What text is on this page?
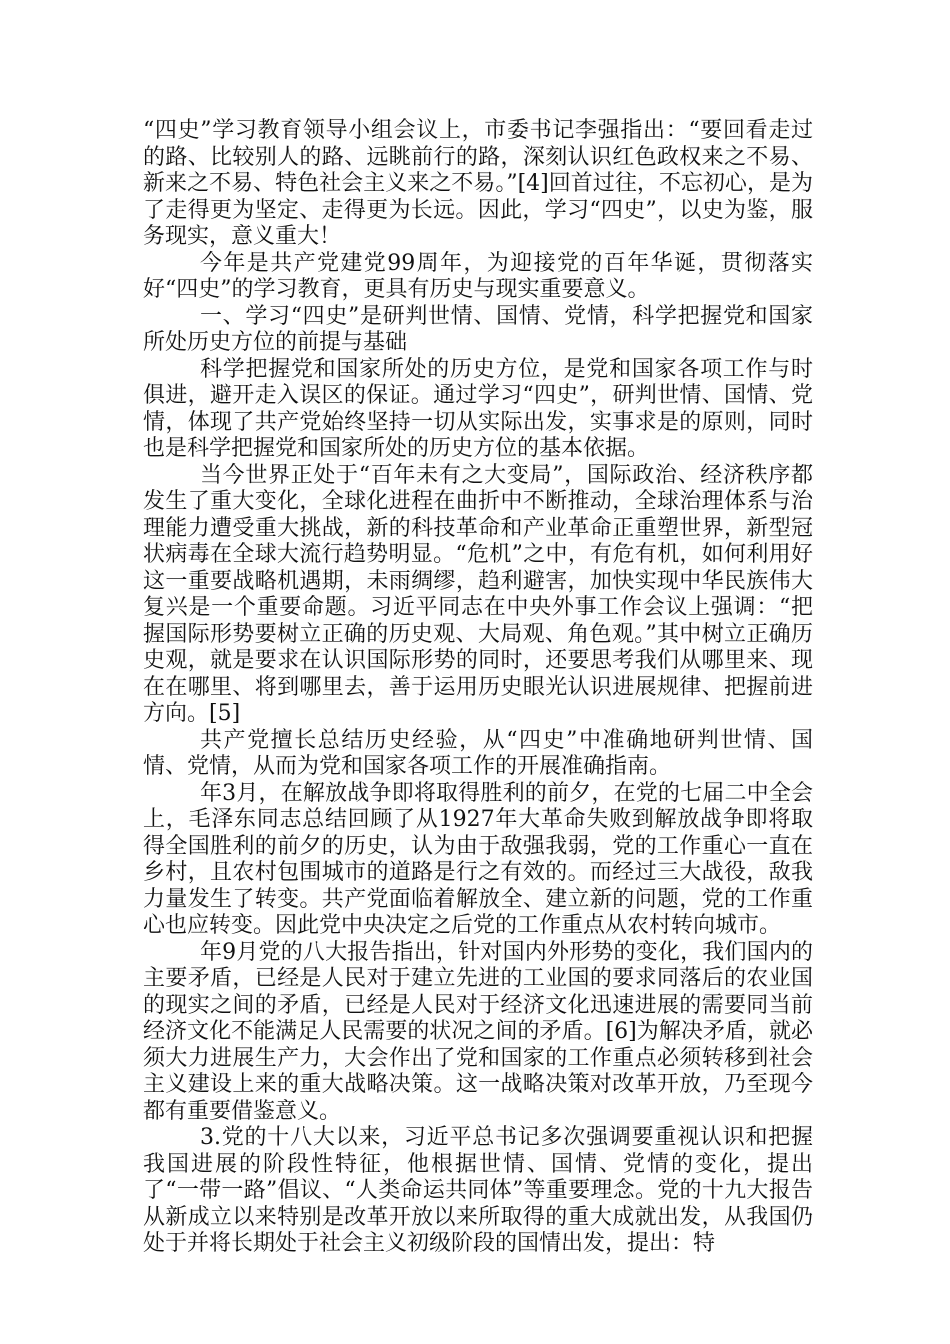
“四史”学习教育领导小组会议上，市委书记李强指出：“要回看走过的路、比较别人的路、远眺前行的路，深刻认识红色政权来之不易、新来之不易、特色社会主义来之不易。”[4]回首过往，不忘初心，是为了走得更为坚定、走得更为长远。因此，学习“四史”，以史为鉴，服务现实，意义重大！

今年是共产党建党99周年，为迎接党的百年华诞，贯彻落实好“四史”的学习教育，更具有历史与现实重要意义。

一、学习“四史”是研判世情、国情、党情，科学把握党和国家所处历史方位的前提与基础

科学把握党和国家所处的历史方位，是党和国家各项工作与时俱进，避开走入误区的保证。通过学习“四史”，研判世情、国情、党情，体现了共产党始终坚持一切从实际出发，实事求是的原则，同时也是科学把握党和国家所处的历史方位的基本依据。

当今世界正处于“百年未有之大变局”，国际政治、经济秩序都发生了重大变化，全球化进程在曲折中不断推动，全球治理体系与治理能力遭受重大挑战，新的科技革命和产业革命正重塑世界，新型冠状病毒在全球大流行趋势明显。“危机”之中，有危有机，如何利用好这一重要战略机遇期，未雨绸缪，趋利避害，加快实现中华民族伟大复兴是一个重要命题。习近平同志在中央外事工作会议上强调：“把握国际形势要树立正确的历史观、大局观、角色观。”其中树立正确历史观，就是要求在认识国际形势的同时，还要思考我们从哪里来、现在在哪里、将到哪里去，善于运用历史眼光认识进展规律、把握前进方向。[5]

共产党擅长总结历史经验，从“四史”中准确地研判世情、国情、党情，从而为党和国家各项工作的开展准确指南。

年3月，在解放战争即将取得胜利的前夕，在党的七届二中全会上，毛泽东同志总结回顾了从1927年大革命失败到解放战争即将取得全国胜利的前夕的历史，认为由于敌强我弱，党的工作重心一直在乡村，且农村包围城市的道路是行之有效的。而经过三大战役，敌我力量发生了转变。共产党面临着解放全、建立新的问题，党的工作重心也应转变。因此党中央决定之后党的工作重点从农村转向城市。

年9月党的八大报告指出，针对国内外形势的变化，我们国内的主要矛盾，已经是人民对于建立先进的工业国的要求同落后的农业国的现实之间的矛盾，已经是人民对于经济文化迅速进展的需要同当前经济文化不能满足人民需要的状况之间的矛盾。[6]为解决矛盾，就必须大力进展生产力，大会作出了党和国家的工作重点必须转移到社会主义建设上来的重大战略决策。这一战略决策对改革开放，乃至现今都有重要借鉴意义。

3.党的十八大以来，习近平总书记多次强调要重视认识和把握我国进展的阶段性特征，他根据世情、国情、党情的变化，提出了“一带一路”倡议、“人类命运共同体”等重要理念。党的十九大报告从新成立以来特别是改革开放以来所取得的重大成就出发，从我国仍处于并将长期处于社会主义初级阶段的国情出发，提出：特
